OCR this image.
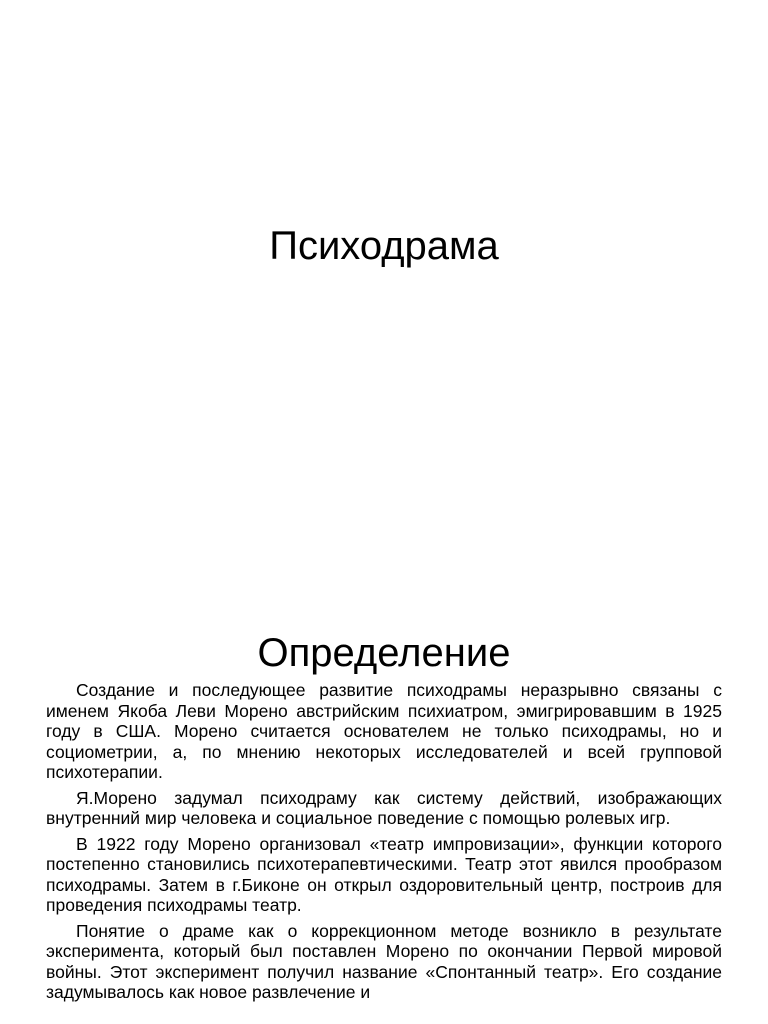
Психодрама
Определение

Создание и последующее развитие психодрамы неразрывно связаны с именем Якоба Леви Морено австрийским психиатром, эмигрировавшим в 1925 году в США. Морено считается основателем не только психодрамы, но и социометрии, а, по мнению некоторых исследователей и всей групповой психотерапии.

Я.Морено задумал психодраму как систему действий, изображающих внутренний мир человека и социальное поведение с помощью ролевых игр.

В 1922 году Морено организовал «театр импровизации», функции которого постепенно становились психотерапевтическими. Театр этот явился прообразом психодрамы. Затем в г.Биконе он открыл оздоровительный центр, построив для проведения психодрамы театр.

Понятие о драме как о коррекционном методе возникло в результате эксперимента, который был поставлен Морено по окончании Первой мировой войны. Этот эксперимент получил название «Спонтанный театр». Его создание задумывалось как новое развлечение и
